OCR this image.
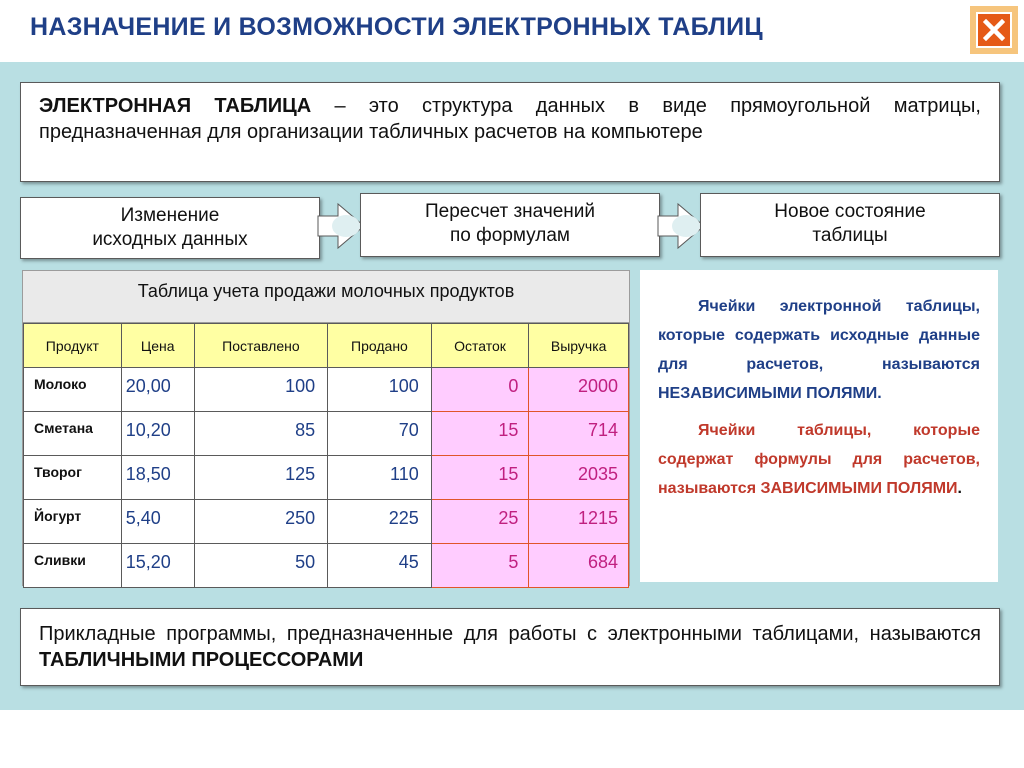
НАЗНАЧЕНИЕ И ВОЗМОЖНОСТИ ЭЛЕКТРОННЫХ ТАБЛИЦ
ЭЛЕКТРОННАЯ ТАБЛИЦА – это структура данных в виде прямоугольной матрицы, предназначенная для организации табличных расчетов на компьютере
Изменение
исходных данных
Пересчет значений
по формулам
Новое состояние
таблицы
Таблица учета продажи молочных продуктов
Продукт	Цена	Поставлено	Продано	Остаток	Выручка
Молоко	20,00	100	100	0	2000
Сметана	10,20	85	70	15	714
Творог	18,50	125	110	15	2035
Йогурт	5,40	250	225	25	1215
Сливки	15,20	50	45	5	684

Ячейки электронной таблицы, которые содержать исходные данные для расчетов, называются НЕЗАВИСИМЫМИ ПОЛЯМИ.

Ячейки таблицы, которые содержат формулы для расчетов, называются ЗАВИСИМЫМИ ПОЛЯМИ.

Прикладные программы, предназначенные для работы с электронными таблицами, называются ТАБЛИЧНЫМИ ПРОЦЕССОРАМИ
